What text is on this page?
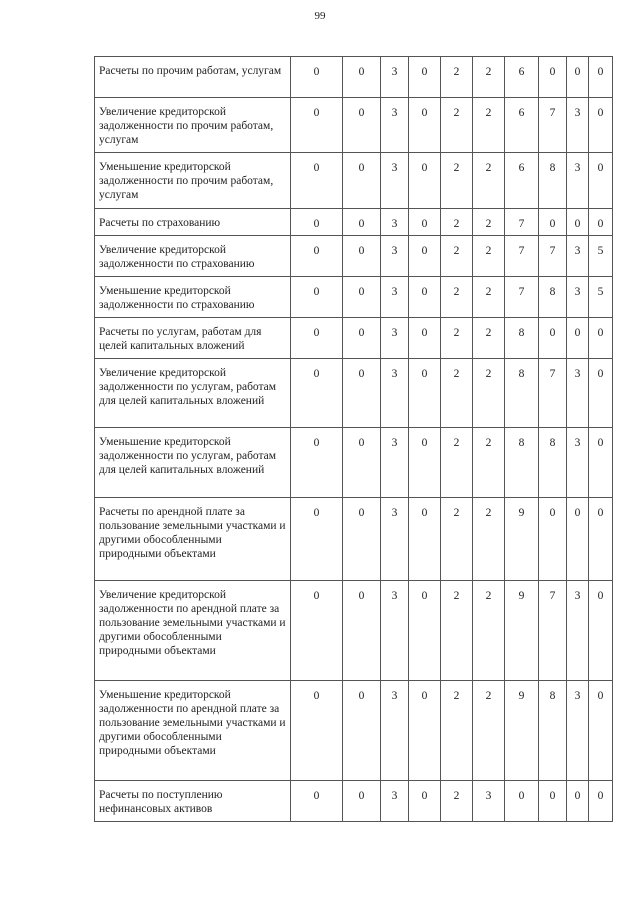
99
Расчеты по прочим работам, услугам	0	0	3	0	2	2	6	0	0	0
Увеличение кредиторской задолженности по прочим работам, услугам	0	0	3	0	2	2	6	7	3	0
Уменьшение кредиторской задолженности по прочим работам, услугам	0	0	3	0	2	2	6	8	3	0
Расчеты по страхованию	0	0	3	0	2	2	7	0	0	0
Увеличение кредиторской задолженности по страхованию	0	0	3	0	2	2	7	7	3	5
Уменьшение кредиторской задолженности по страхованию	0	0	3	0	2	2	7	8	3	5
Расчеты по услугам, работам для целей капитальных вложений	0	0	3	0	2	2	8	0	0	0
Увеличение кредиторской задолженности по услугам, работам для целей капитальных вложений	0	0	3	0	2	2	8	7	3	0
Уменьшение кредиторской задолженности по услугам, работам для целей капитальных вложений	0	0	3	0	2	2	8	8	3	0
Расчеты по арендной плате за пользование земельными участками и другими обособленными природными объектами	0	0	3	0	2	2	9	0	0	0
Увеличение кредиторской задолженности по арендной плате за пользование земельными участками и другими обособленными природными объектами	0	0	3	0	2	2	9	7	3	0
Уменьшение кредиторской задолженности по арендной плате за пользование земельными участками и другими обособленными природными объектами	0	0	3	0	2	2	9	8	3	0
Расчеты по поступлению нефинансовых активов	0	0	3	0	2	3	0	0	0	0
